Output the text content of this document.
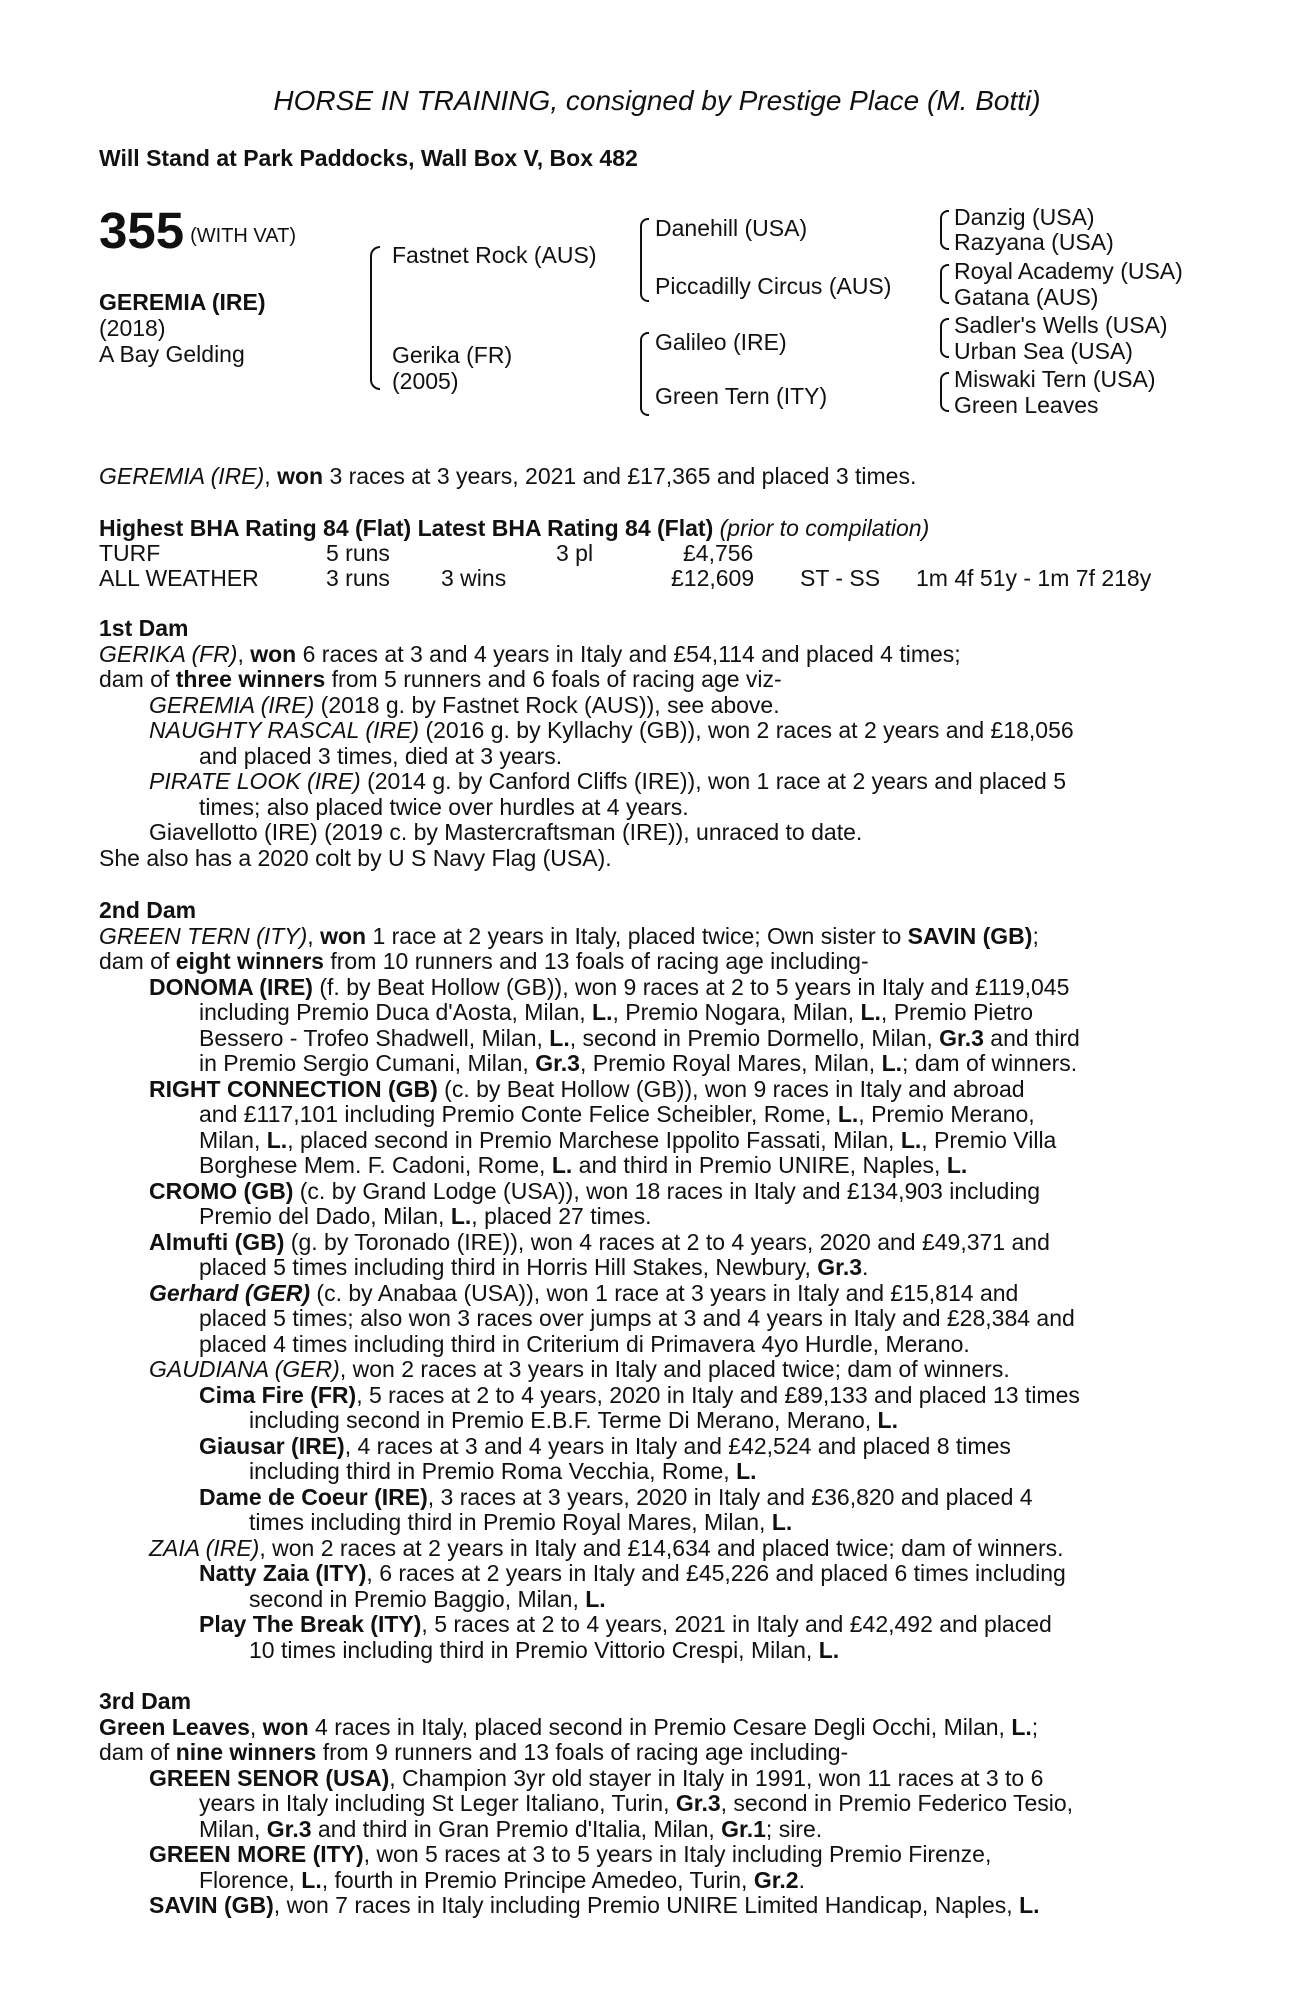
HORSE IN TRAINING, consigned by Prestige Place (M. Botti)
Will Stand at Park Paddocks, Wall Box V, Box 482
355 (WITH VAT)
GEREMIA (IRE)
(2018)
A Bay Gelding
Fastnet Rock (AUS)
Gerika (FR)
(2005)
Danehill (USA)
Piccadilly Circus (AUS)
Galileo (IRE)
Green Tern (ITY)
Danzig (USA)
Razyana (USA)
Royal Academy (USA)
Gatana (AUS)
Sadler's Wells (USA)
Urban Sea (USA)
Miswaki Tern (USA)
Green Leaves
GEREMIA (IRE), won 3 races at 3 years, 2021 and £17,365 and placed 3 times.
Highest BHA Rating 84 (Flat) Latest BHA Rating 84 (Flat) (prior to compilation)
TURF	5 runs	3 pl	£4,756
ALL WEATHER	3 runs 3 wins	£12,609 ST - SS 1m 4f 51y - 1m 7f 218y
1st Dam
GERIKA (FR), won 6 races at 3 and 4 years in Italy and £54,114 and placed 4 times;
dam of three winners from 5 runners and 6 foals of racing age viz-
GEREMIA (IRE) (2018 g. by Fastnet Rock (AUS)), see above.
NAUGHTY RASCAL (IRE) (2016 g. by Kyllachy (GB)), won 2 races at 2 years and £18,056
and placed 3 times, died at 3 years.
PIRATE LOOK (IRE) (2014 g. by Canford Cliffs (IRE)), won 1 race at 2 years and placed 5
times; also placed twice over hurdles at 4 years.
Giavellotto (IRE) (2019 c. by Mastercraftsman (IRE)), unraced to date.
She also has a 2020 colt by U S Navy Flag (USA).
2nd Dam
GREEN TERN (ITY), won 1 race at 2 years in Italy, placed twice; Own sister to SAVIN (GB);
dam of eight winners from 10 runners and 13 foals of racing age including-
DONOMA (IRE) (f. by Beat Hollow (GB)), won 9 races at 2 to 5 years in Italy and £119,045
including Premio Duca d'Aosta, Milan, L., Premio Nogara, Milan, L., Premio Pietro
Bessero - Trofeo Shadwell, Milan, L., second in Premio Dormello, Milan, Gr.3 and third
in Premio Sergio Cumani, Milan, Gr.3, Premio Royal Mares, Milan, L.; dam of winners.
RIGHT CONNECTION (GB) (c. by Beat Hollow (GB)), won 9 races in Italy and abroad
and £117,101 including Premio Conte Felice Scheibler, Rome, L., Premio Merano,
Milan, L., placed second in Premio Marchese Ippolito Fassati, Milan, L., Premio Villa
Borghese Mem. F. Cadoni, Rome, L. and third in Premio UNIRE, Naples, L.
CROMO (GB) (c. by Grand Lodge (USA)), won 18 races in Italy and £134,903 including
Premio del Dado, Milan, L., placed 27 times.
Almufti (GB) (g. by Toronado (IRE)), won 4 races at 2 to 4 years, 2020 and £49,371 and
placed 5 times including third in Horris Hill Stakes, Newbury, Gr.3.
Gerhard (GER) (c. by Anabaa (USA)), won 1 race at 3 years in Italy and £15,814 and
placed 5 times; also won 3 races over jumps at 3 and 4 years in Italy and £28,384 and
placed 4 times including third in Criterium di Primavera 4yo Hurdle, Merano.
GAUDIANA (GER), won 2 races at 3 years in Italy and placed twice; dam of winners.
Cima Fire (FR), 5 races at 2 to 4 years, 2020 in Italy and £89,133 and placed 13 times
including second in Premio E.B.F. Terme Di Merano, Merano, L.
Giausar (IRE), 4 races at 3 and 4 years in Italy and £42,524 and placed 8 times
including third in Premio Roma Vecchia, Rome, L.
Dame de Coeur (IRE), 3 races at 3 years, 2020 in Italy and £36,820 and placed 4
times including third in Premio Royal Mares, Milan, L.
ZAIA (IRE), won 2 races at 2 years in Italy and £14,634 and placed twice; dam of winners.
Natty Zaia (ITY), 6 races at 2 years in Italy and £45,226 and placed 6 times including
second in Premio Baggio, Milan, L.
Play The Break (ITY), 5 races at 2 to 4 years, 2021 in Italy and £42,492 and placed
10 times including third in Premio Vittorio Crespi, Milan, L.
3rd Dam
Green Leaves, won 4 races in Italy, placed second in Premio Cesare Degli Occhi, Milan, L.;
dam of nine winners from 9 runners and 13 foals of racing age including-
GREEN SENOR (USA), Champion 3yr old stayer in Italy in 1991, won 11 races at 3 to 6
years in Italy including St Leger Italiano, Turin, Gr.3, second in Premio Federico Tesio,
Milan, Gr.3 and third in Gran Premio d'Italia, Milan, Gr.1; sire.
GREEN MORE (ITY), won 5 races at 3 to 5 years in Italy including Premio Firenze,
Florence, L., fourth in Premio Principe Amedeo, Turin, Gr.2.
SAVIN (GB), won 7 races in Italy including Premio UNIRE Limited Handicap, Naples, L.
